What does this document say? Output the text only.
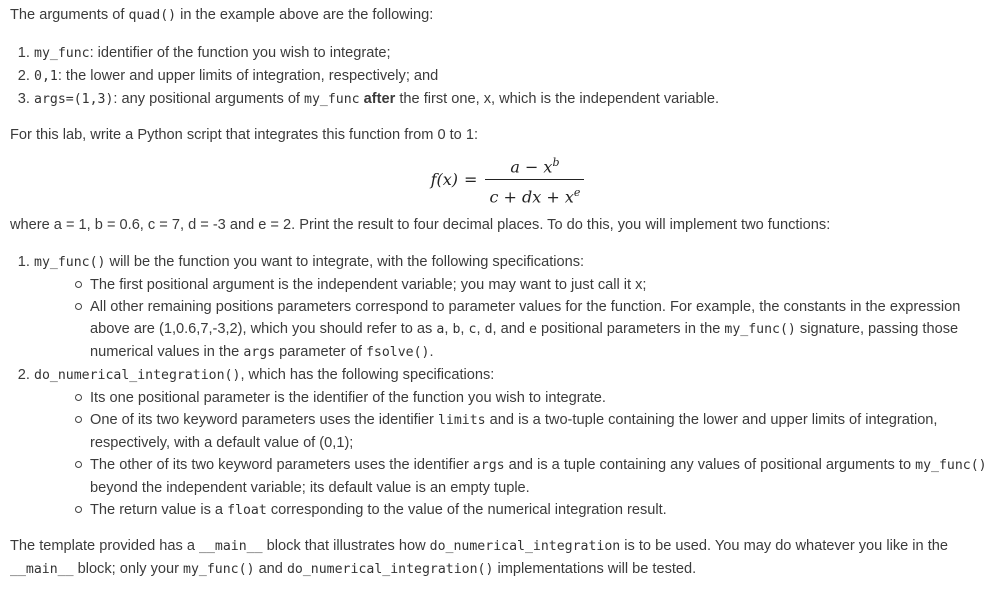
The arguments of quad() in the example above are the following:

1. my_func: identifier of the function you wish to integrate;
2. 0,1: the lower and upper limits of integration, respectively; and
3. args=(1,3): any positional arguments of my_func after the first one, x, which is the independent variable.

For this lab, write a Python script that integrates this function from 0 to 1:

$f(x) = \frac{a - x^b}{c + dx + x^e}$

where a = 1, b = 0.6, c = 7, d = -3 and e = 2. Print the result to four decimal places. To do this, you will implement two functions:

1. my_func() will be the function you want to integrate, with the following specifications:
The first positional argument is the independent variable; you may want to just call it x;
All other remaining positions parameters correspond to parameter values for the function. For example, the constants in the expression above are (1,0.6,7,-3,2), which you should refer to as a, b, c, d, and e positional parameters in the my_func() signature, passing those numerical values in the args parameter of fsolve().
2. do_numerical_integration(), which has the following specifications:
Its one positional parameter is the identifier of the function you wish to integrate.
One of its two keyword parameters uses the identifier limits and is a two-tuple containing the lower and upper limits of integration, respectively, with a default value of (0,1);
The other of its two keyword parameters uses the identifier args and is a tuple containing any values of positional arguments to my_func() beyond the independent variable; its default value is an empty tuple.
The return value is a float corresponding to the value of the numerical integration result.

The template provided has a __main__ block that illustrates how do_numerical_integration is to be used. You may do whatever you like in the __main__ block; only your my_func() and do_numerical_integration() implementations will be tested.
